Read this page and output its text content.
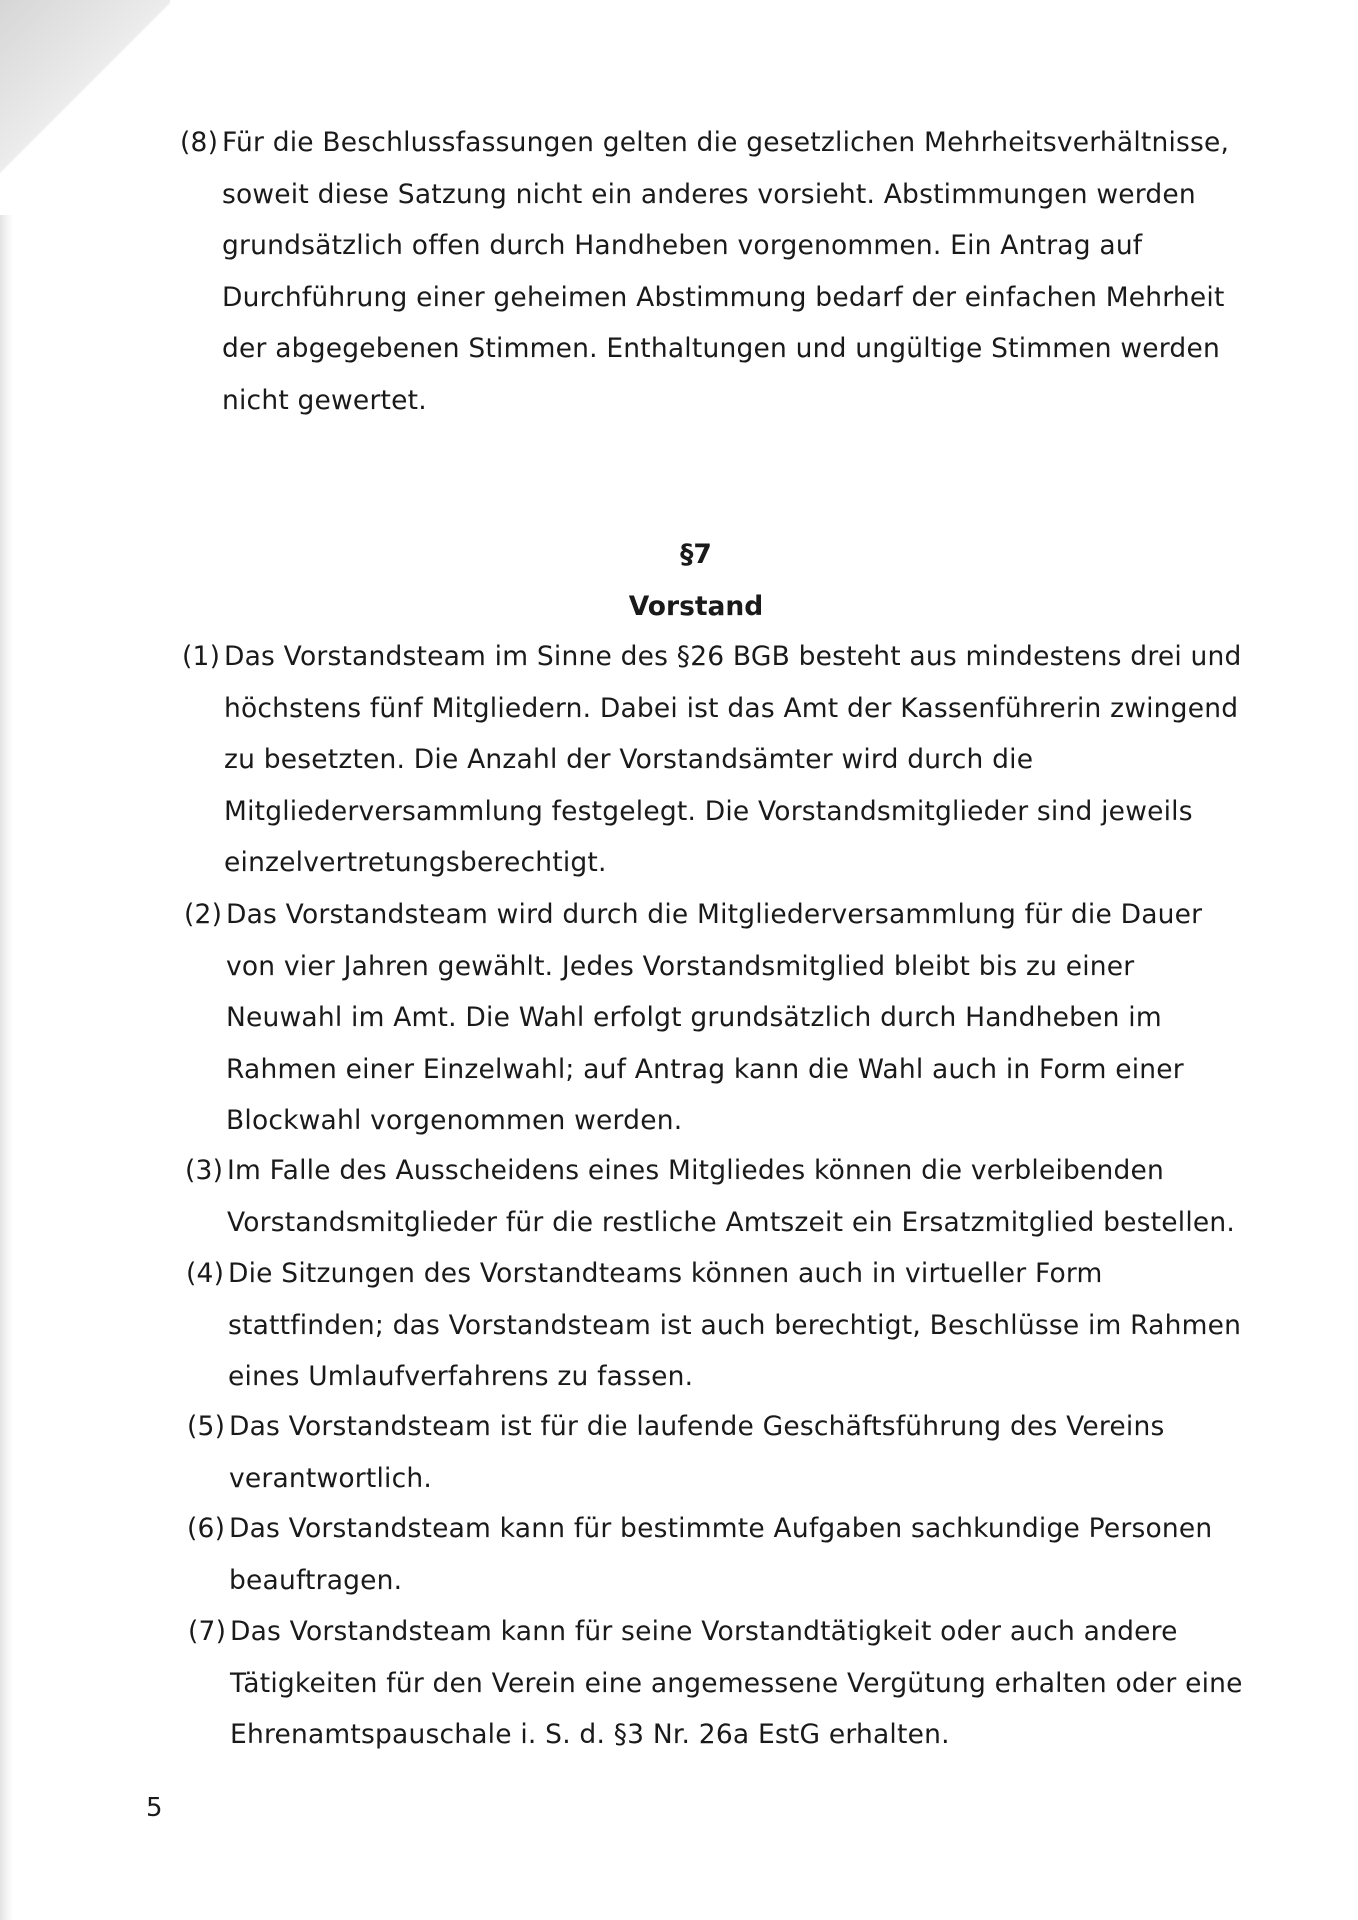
(8) Für die Beschlussfassungen gelten die gesetzlichen Mehrheitsverhältnisse, soweit diese Satzung nicht ein anderes vorsieht. Abstimmungen werden grundsätzlich offen durch Handheben vorgenommen. Ein Antrag auf Durchführung einer geheimen Abstimmung bedarf der einfachen Mehrheit der abgegebenen Stimmen. Enthaltungen und ungültige Stimmen werden nicht gewertet.

§7

Vorstand

(1) Das Vorstandsteam im Sinne des §26 BGB besteht aus mindestens drei und höchstens fünf Mitgliedern. Dabei ist das Amt der Kassenführerin zwingend zu besetzten. Die Anzahl der Vorstandsämter wird durch die Mitgliederversammlung festgelegt. Die Vorstandsmitglieder sind jeweils einzelvertretungsberechtigt.
(2) Das Vorstandsteam wird durch die Mitgliederversammlung für die Dauer von vier Jahren gewählt. Jedes Vorstandsmitglied bleibt bis zu einer Neuwahl im Amt. Die Wahl erfolgt grundsätzlich durch Handheben im Rahmen einer Einzelwahl; auf Antrag kann die Wahl auch in Form einer Blockwahl vorgenommen werden.
(3) Im Falle des Ausscheidens eines Mitgliedes können die verbleibenden Vorstandsmitglieder für die restliche Amtszeit ein Ersatzmitglied bestellen.
(4) Die Sitzungen des Vorstandteams können auch in virtueller Form stattfinden; das Vorstandsteam ist auch berechtigt, Beschlüsse im Rahmen eines Umlaufverfahrens zu fassen.
(5) Das Vorstandsteam ist für die laufende Geschäftsführung des Vereins verantwortlich.
(6) Das Vorstandsteam kann für bestimmte Aufgaben sachkundige Personen beauftragen.
(7) Das Vorstandsteam kann für seine Vorstandtätigkeit oder auch andere Tätigkeiten für den Verein eine angemessene Vergütung erhalten oder eine Ehrenamtspauschale i. S. d. §3 Nr. 26a EstG erhalten.

5
